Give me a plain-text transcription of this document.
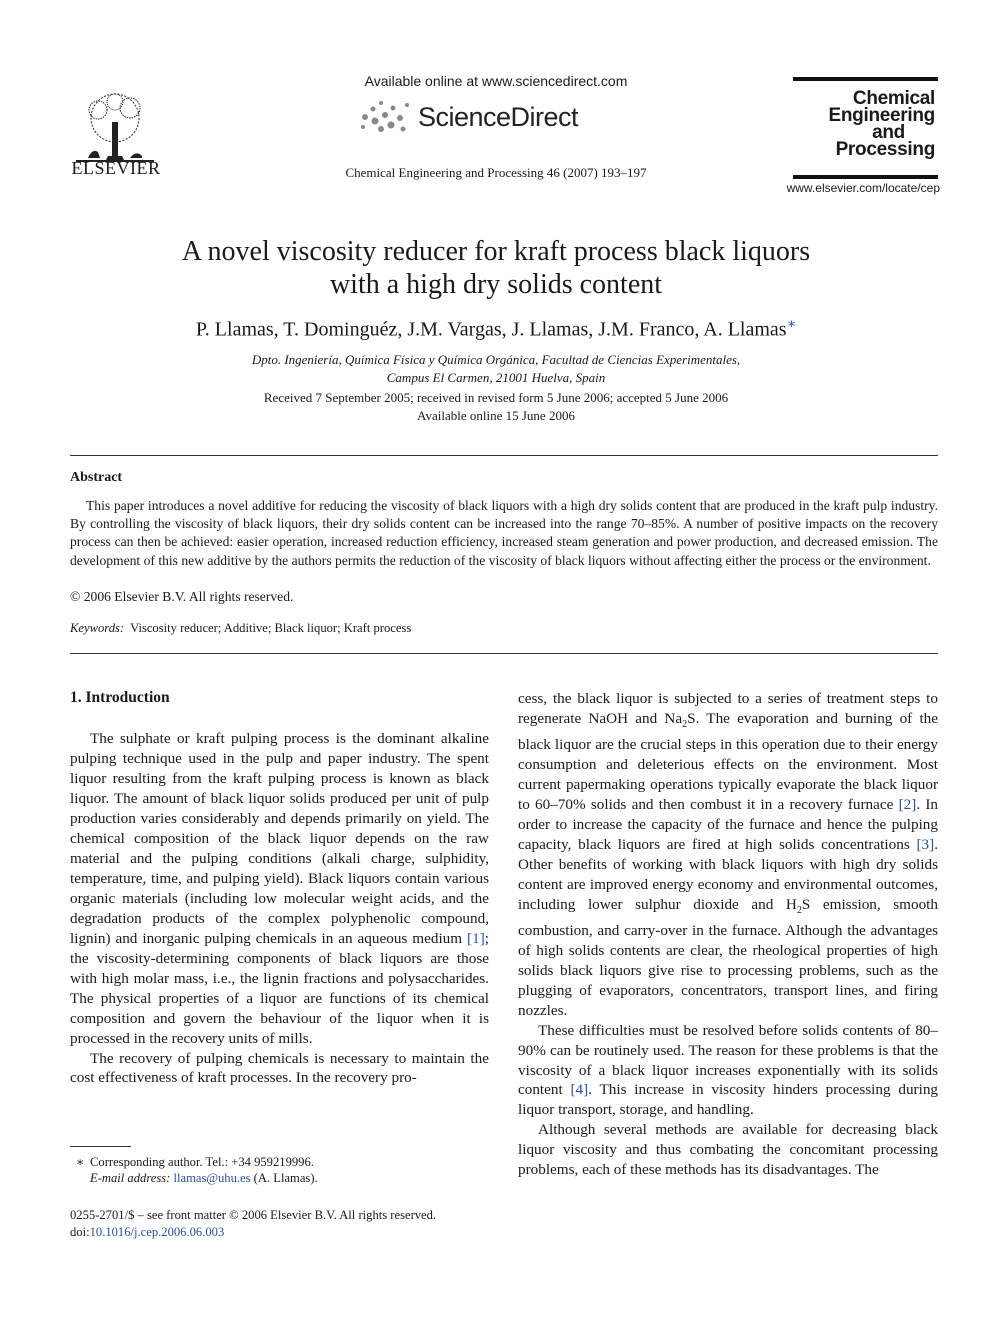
ELSEVIER
Available online at www.sciencedirect.com
ScienceDirect
Chemical Engineering and Processing 46 (2007) 193–197
Chemical
Engineering
and
Processing
www.elsevier.com/locate/cep
A novel viscosity reducer for kraft process black liquors
with a high dry solids content
P. Llamas, T. Dominguéz, J.M. Vargas, J. Llamas, J.M. Franco, A. Llamas∗
Dpto. Ingeniería, Química Física y Química Orgánica, Facultad de Ciencias Experimentales,
Campus El Carmen, 21001 Huelva, Spain
Received 7 September 2005; received in revised form 5 June 2006; accepted 5 June 2006
Available online 15 June 2006
Abstract
This paper introduces a novel additive for reducing the viscosity of black liquors with a high dry solids content that are produced in the kraft pulp industry. By controlling the viscosity of black liquors, their dry solids content can be increased into the range 70–85%. A number of positive impacts on the recovery process can then be achieved: easier operation, increased reduction efficiency, increased steam generation and power production, and decreased emission. The development of this new additive by the authors permits the reduction of the viscosity of black liquors without affecting either the process or the environment.
© 2006 Elsevier B.V. All rights reserved.
Keywords: Viscosity reducer; Additive; Black liquor; Kraft process
1. Introduction

The sulphate or kraft pulping process is the dominant alkaline pulping technique used in the pulp and paper industry. The spent liquor resulting from the kraft pulping process is known as black liquor. The amount of black liquor solids produced per unit of pulp production varies considerably and depends primarily on yield. The chemical composition of the black liquor depends on the raw material and the pulping conditions (alkali charge, sulphidity, temperature, time, and pulping yield). Black liquors contain various organic materials (including low molecular weight acids, and the degradation products of the complex polyphenolic compound, lignin) and inorganic pulping chemicals in an aqueous medium [1]; the viscosity-determining components of black liquors are those with high molar mass, i.e., the lignin fractions and polysaccharides. The physical properties of a liquor are functions of its chemical composition and govern the behaviour of the liquor when it is processed in the recovery units of mills.

The recovery of pulping chemicals is necessary to maintain the cost effectiveness of kraft processes. In the recovery pro-

cess, the black liquor is subjected to a series of treatment steps to regenerate NaOH and $Na_2S$. The evaporation and burning of the black liquor are the crucial steps in this operation due to their energy consumption and deleterious effects on the environment. Most current papermaking operations typically evaporate the black liquor to 60–70% solids and then combust it in a recovery furnace [2]. In order to increase the capacity of the furnace and hence the pulping capacity, black liquors are fired at high solids concentrations [3]. Other benefits of working with black liquors with high dry solids content are improved energy economy and environmental outcomes, including lower sulphur dioxide and $H_2S$ emission, smooth combustion, and carry-over in the furnace. Although the advantages of high solids contents are clear, the rheological properties of high solids black liquors give rise to processing problems, such as the plugging of evaporators, concentrators, transport lines, and firing nozzles.

These difficulties must be resolved before solids contents of 80–90% can be routinely used. The reason for these problems is that the viscosity of a black liquor increases exponentially with its solids content [4]. This increase in viscosity hinders processing during liquor transport, storage, and handling.

Although several methods are available for decreasing black liquor viscosity and thus combating the concomitant processing problems, each of these methods has its disadvantages. The

∗ Corresponding author. Tel.: +34 959219996.
E-mail address: llamas@uhu.es (A. Llamas).
0255-2701/$ – see front matter © 2006 Elsevier B.V. All rights reserved.
doi:10.1016/j.cep.2006.06.003
